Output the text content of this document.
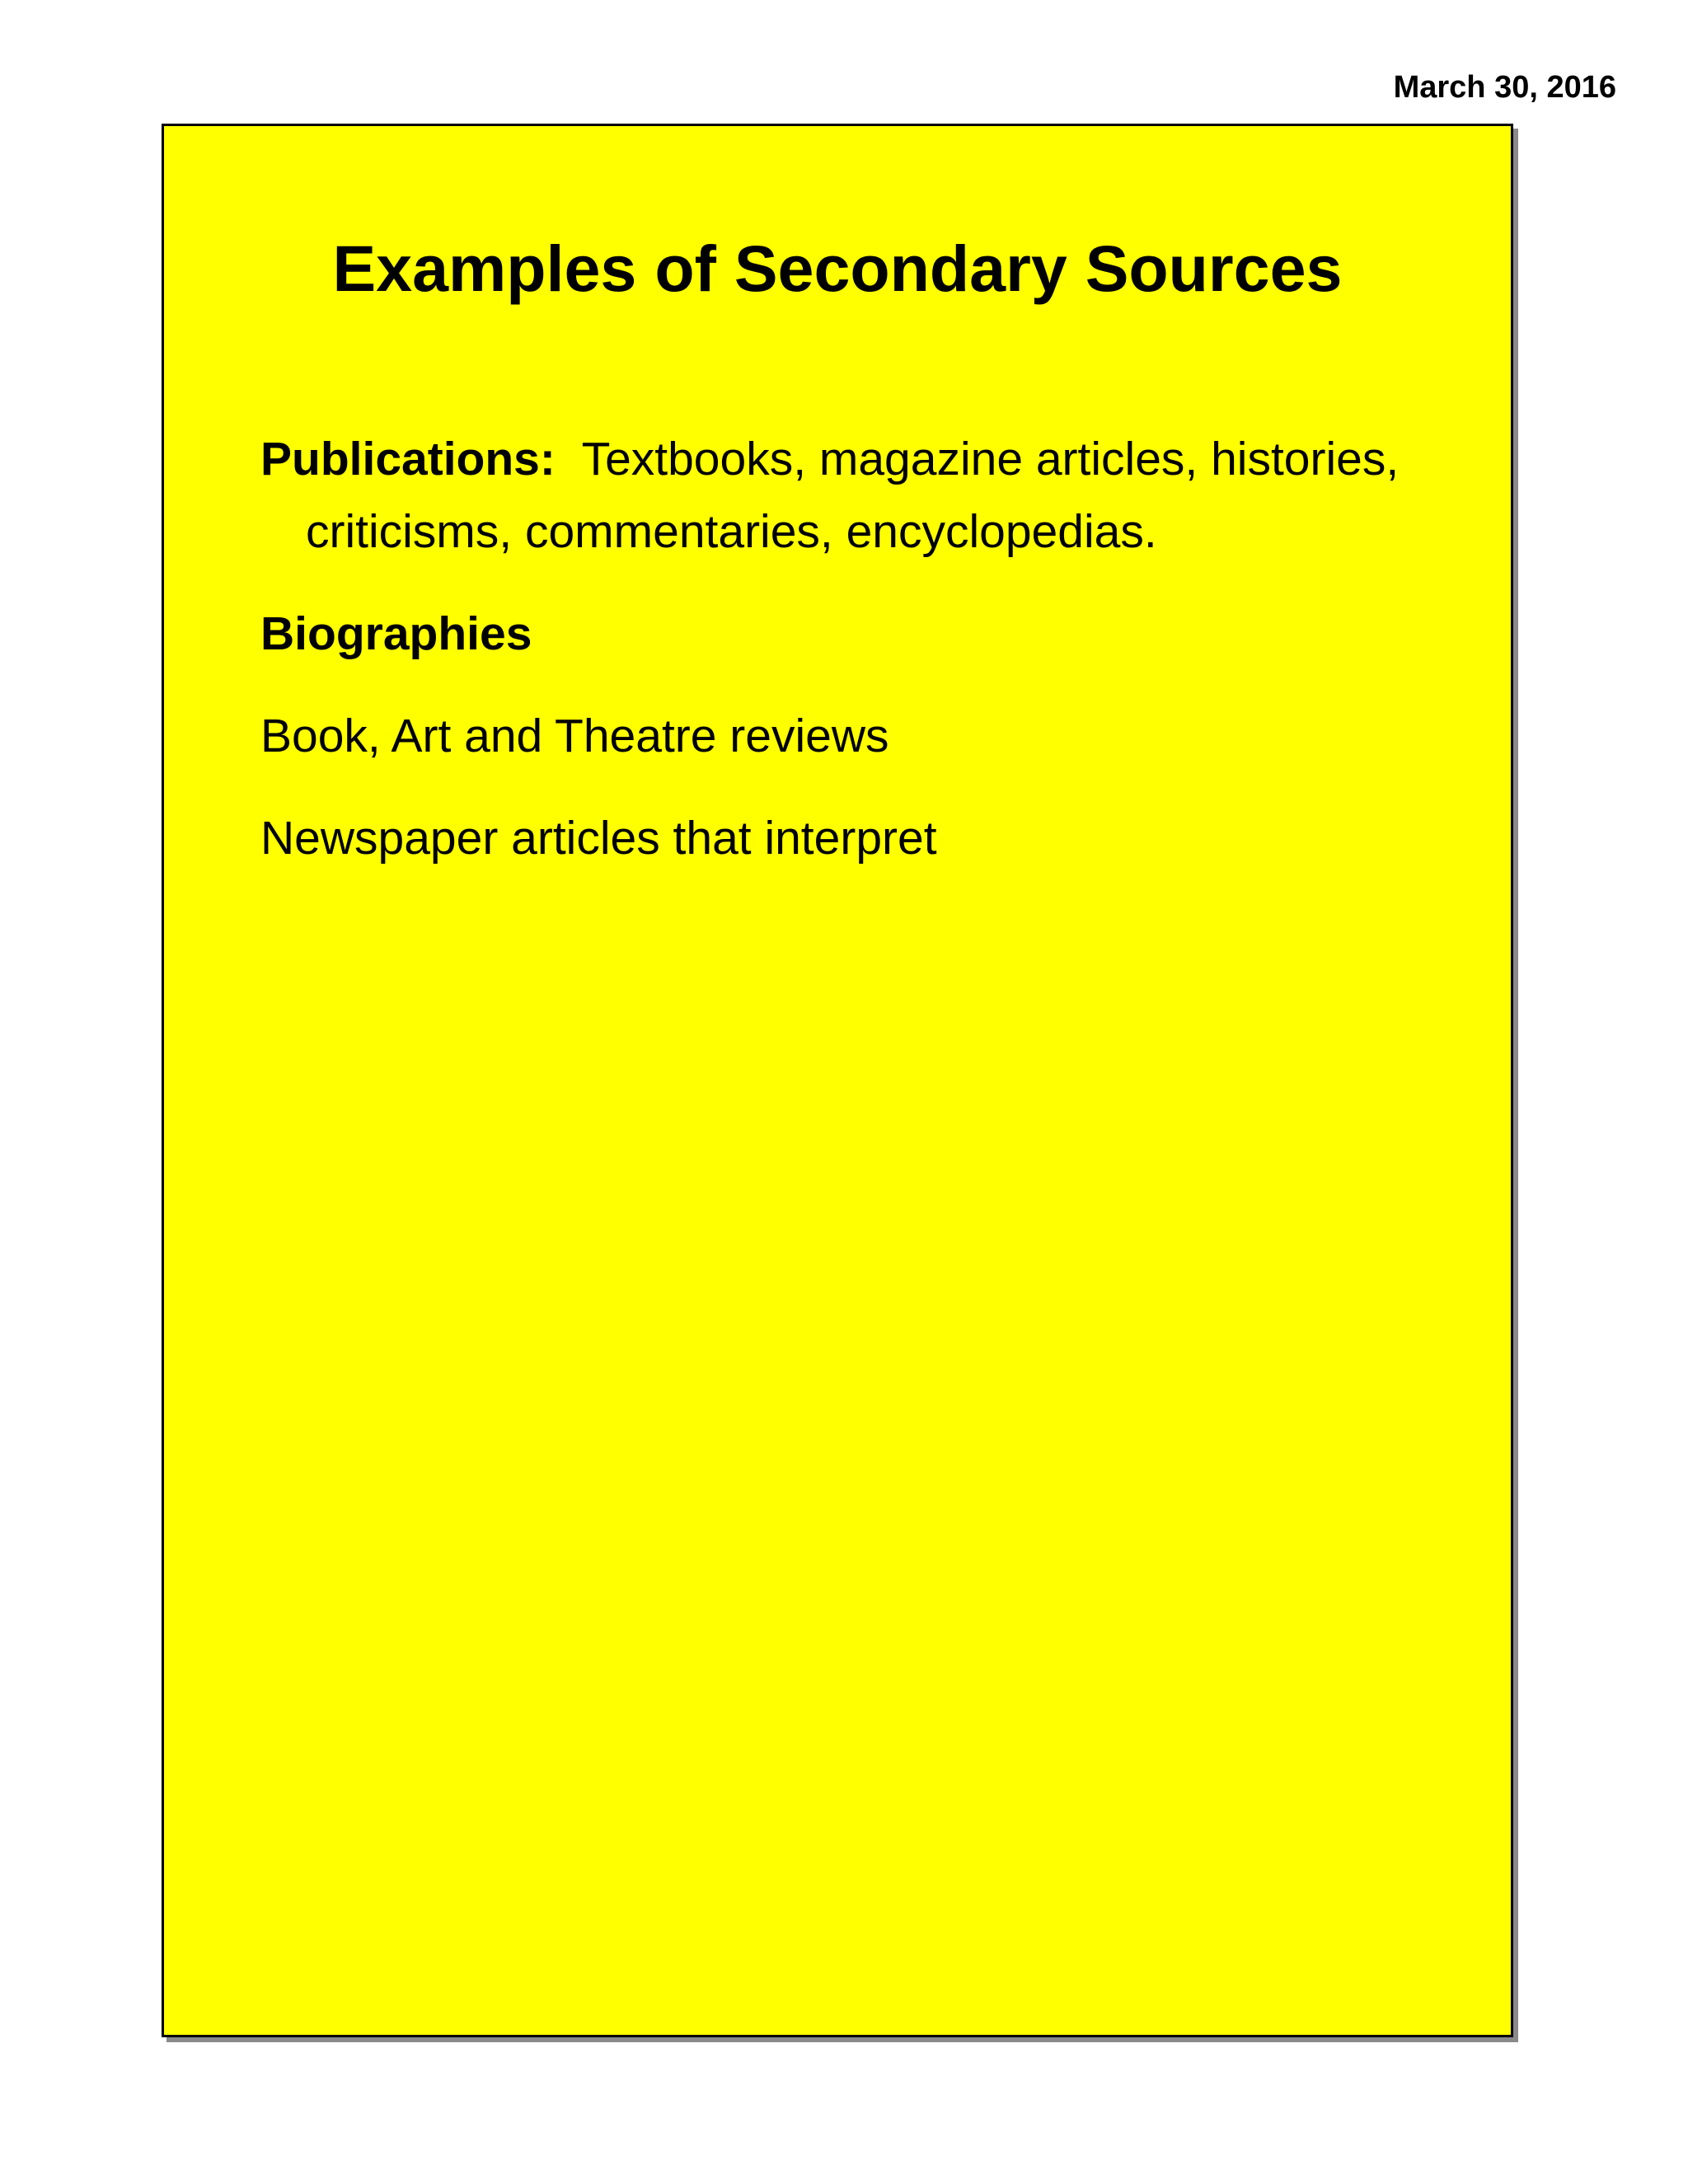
March 30, 2016
Examples of Secondary Sources
Publications: Textbooks, magazine articles, histories, criticisms, commentaries, encyclopedias.
Biographies
Book, Art and Theatre reviews
Newspaper articles that interpret
